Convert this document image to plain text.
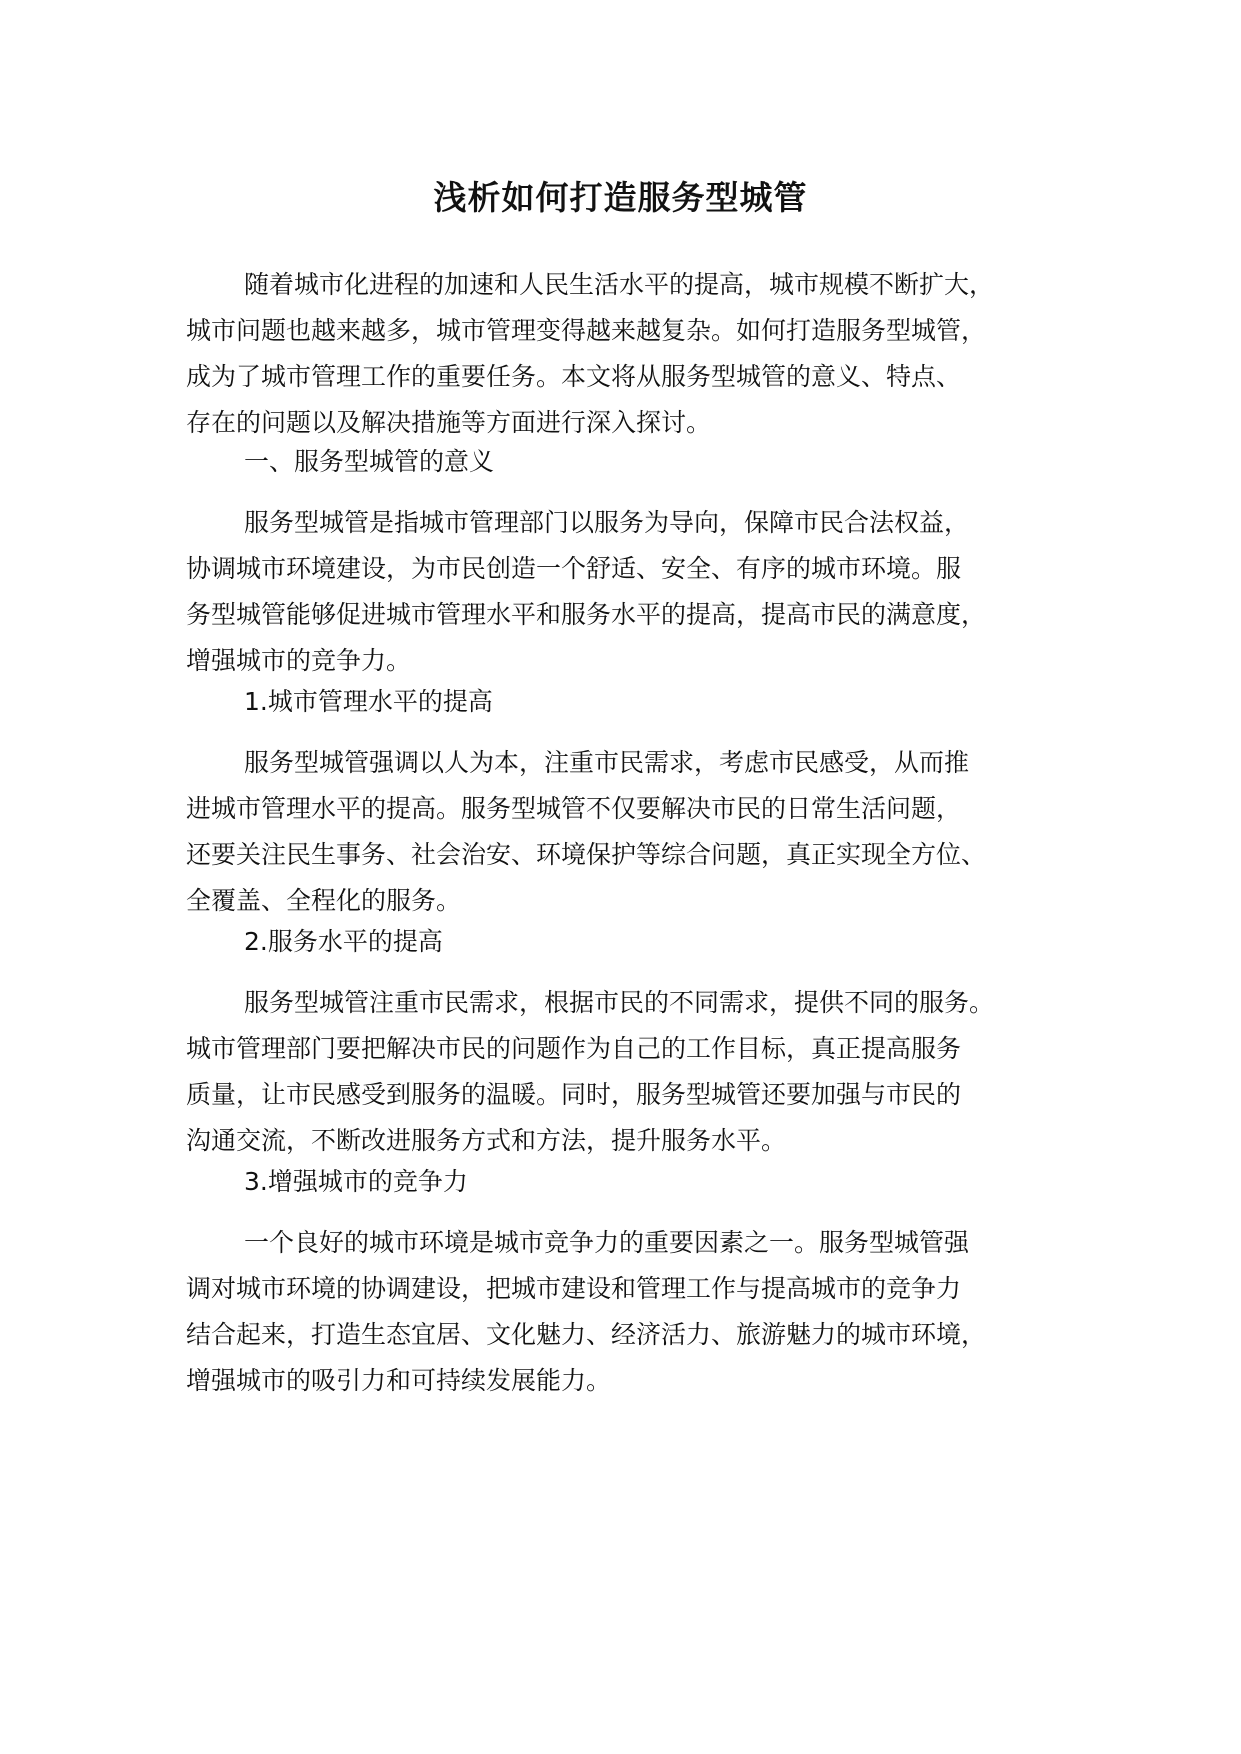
浅析如何打造服务型城管
随着城市化进程的加速和人民生活水平的提高，城市规模不断扩大，
城市问题也越来越多，城市管理变得越来越复杂。如何打造服务型城管，
成为了城市管理工作的重要任务。本文将从服务型城管的意义、特点、
存在的问题以及解决措施等方面进行深入探讨。
一、服务型城管的意义
服务型城管是指城市管理部门以服务为导向，保障市民合法权益，
协调城市环境建设，为市民创造一个舒适、安全、有序的城市环境。服
务型城管能够促进城市管理水平和服务水平的提高，提高市民的满意度，
增强城市的竞争力。
1.城市管理水平的提高
服务型城管强调以人为本，注重市民需求，考虑市民感受，从而推
进城市管理水平的提高。服务型城管不仅要解决市民的日常生活问题，
还要关注民生事务、社会治安、环境保护等综合问题，真正实现全方位、
全覆盖、全程化的服务。
2.服务水平的提高
服务型城管注重市民需求，根据市民的不同需求，提供不同的服务。
城市管理部门要把解决市民的问题作为自己的工作目标，真正提高服务
质量，让市民感受到服务的温暖。同时，服务型城管还要加强与市民的
沟通交流，不断改进服务方式和方法，提升服务水平。
3.增强城市的竞争力
一个良好的城市环境是城市竞争力的重要因素之一。服务型城管强
调对城市环境的协调建设，把城市建设和管理工作与提高城市的竞争力
结合起来，打造生态宜居、文化魅力、经济活力、旅游魅力的城市环境，
增强城市的吸引力和可持续发展能力。
